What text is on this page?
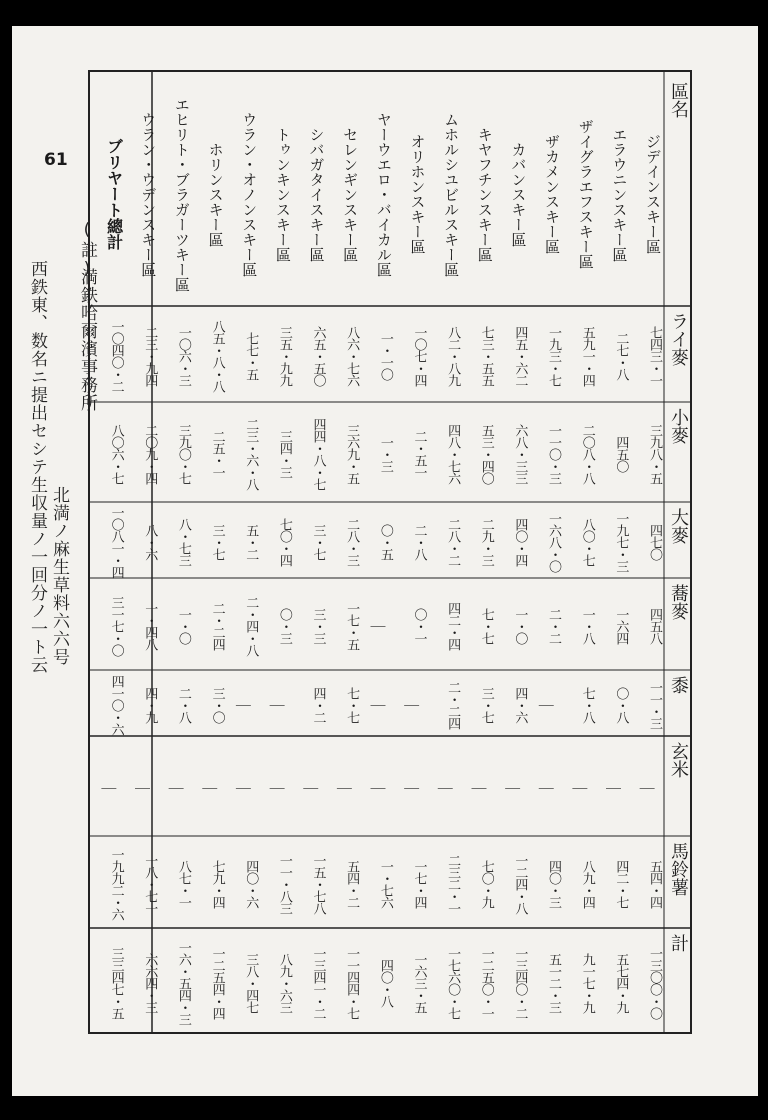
61
(註)
満鉄哈爾濱事務所
北満ノ麻生草料六六号
西鉄東、数名ニ提出セシテ生収量ノ一回分ノ一ト云
區名
ライ麥
小麥
大麥
蕎麥
黍
玄米
馬鈴薯
計
ジデインスキー區
七四三・一
三九八・五
四七〇
四五八
一一・三
｜
五四・四
一三〇〇・〇
エラウニンスキー區
二七・八
四五〇
一九七・三
一六四
〇・八
｜
四二・七
五七四・九
ザイグラエフスキー區
五九一・四
二〇八・八
八〇・七
一・八
七・八
｜
八九・四
九一七・九
ザカメンスキー區
一九三・七
一一〇・三
一六八・〇
二・二
｜
｜
四〇・三
五一二・三
カバンスキー區
四五・六二
六八・三三
四〇・四
一・〇
四・六
｜
一二四・八
一三四〇・二
キヤフチンスキー區
七三・五五
五三・四〇
二九・三
七・七
三・七
｜
七〇・九
一二五〇・一
ムホルシユビルスキー區
八二・八九
四八・七六
二八・二
四二・四
二・二四
｜
二三二・一
一七六〇・七
オリホンスキー區
一〇七・四
二・五一
二・八
〇・一
｜
｜
一七・四
一六三・五
ヤーウエロ・バイカル區
一・一〇
一・三
〇・五
｜
｜
｜
一・七六
四〇・八
セレンギンスキー區
八六・七六
三六九・五
二八・三
一七・五
七・七
｜
五四・二
一一四四・七
シバガタイスキー區
六五・五〇
四四・八・七
三・七
三・三
四・二
｜
一五・七八
一三四一・二
トゥンキンスキー區
三五・九九
三四・三
七〇・四
〇・三
｜
｜
一一・八三
八九・六三
ウラン・オノンスキー區
七七・五
二三・六・八
五・二
二・四・八
｜
｜
四〇・六
三八・四七
ホリンスキー區
八五・八・八
二五・一
三・七
二・二四
三・〇
｜
七九・四
一二五四・四
エヒリト・ブラガーツキー區
一〇六・三
三九〇・七
八・七三
一・〇
二・八
｜
八七・一
一六・五四・三
ウラン・ウデンスキー區
二三・九四
二〇九・四
八・六
一・四八
四・九
｜
一八・七一
六六四・三
ブリヤート總計
一〇四〇・二
八〇六・七
一〇八一・四
三一七・〇
四一〇・六
｜
一九九二・六
三三四七・五
